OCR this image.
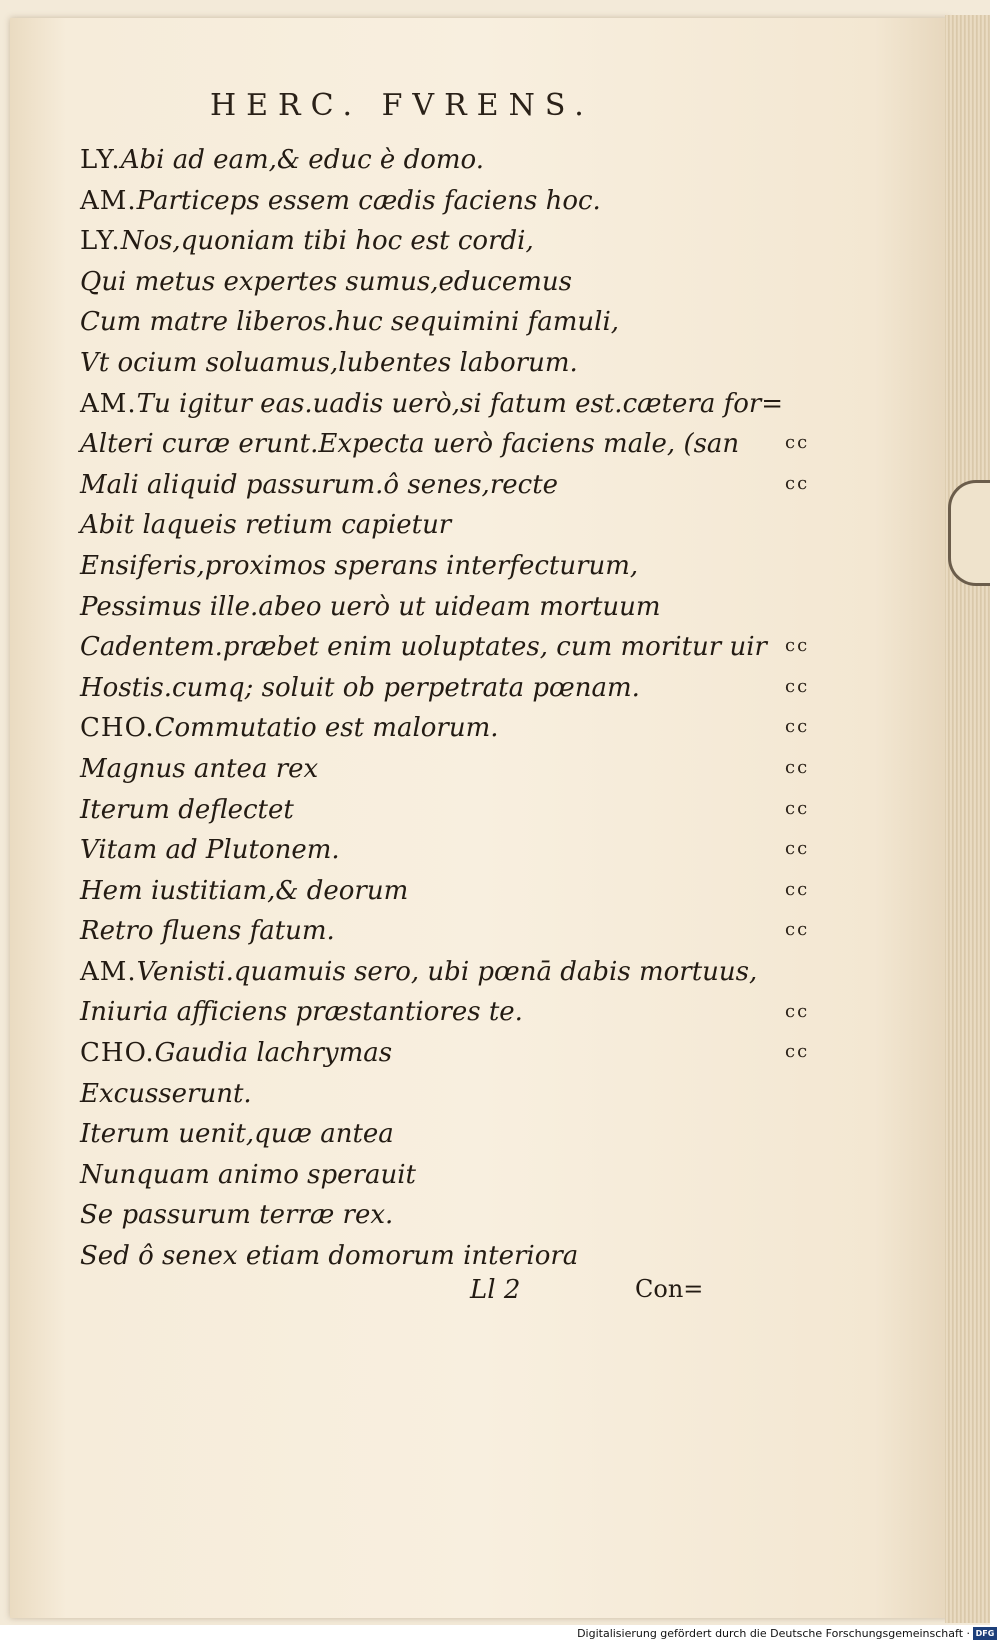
HERC. FVRENS.
LY.Abi ad eam,& educ è domo.
AM.Particeps essem cædis faciens hoc.
LY.Nos,quoniam tibi hoc est cordi,
Qui metus expertes sumus,educemus
Cum matre liberos.huc sequimini famuli,
Vt ocium soluamus,lubentes laborum.
AM.Tu igitur eas.uadis uerò,si fatum est.cætera for=
Alteri curæ erunt.Expecta uerò faciens male, (san
Mali aliquid passurum.ô senes,recte
Abit laqueis retium capietur
Ensiferis,proximos sperans interfecturum,
Pessimus ille.abeo uerò ut uideam mortuum
Cadentem.præbet enim uoluptates, cum moritur uir
Hostis.cumq; soluit ob perpetrata pœnam.
CHO.Commutatio est malorum.
Magnus antea rex
Iterum deflectet
Vitam ad Plutonem.
Hem iustitiam,& deorum
Retro fluens fatum.
AM.Venisti.quamuis sero, ubi pœnā dabis mortuus,
Iniuria afficiens præstantiores te.
CHO.Gaudia lachrymas
Excusserunt.
Iterum uenit,quæ antea
Nunquam animo sperauit
Se passurum terræ rex.
Sed ô senex etiam domorum interiora
cc
cc
cc
cc
cc
cc
cc
cc
cc
cc
cc
cc
Ll 2	Con=
Digitalisierung gefördert durch die Deutsche Forschungsgemeinschaft · DFG
